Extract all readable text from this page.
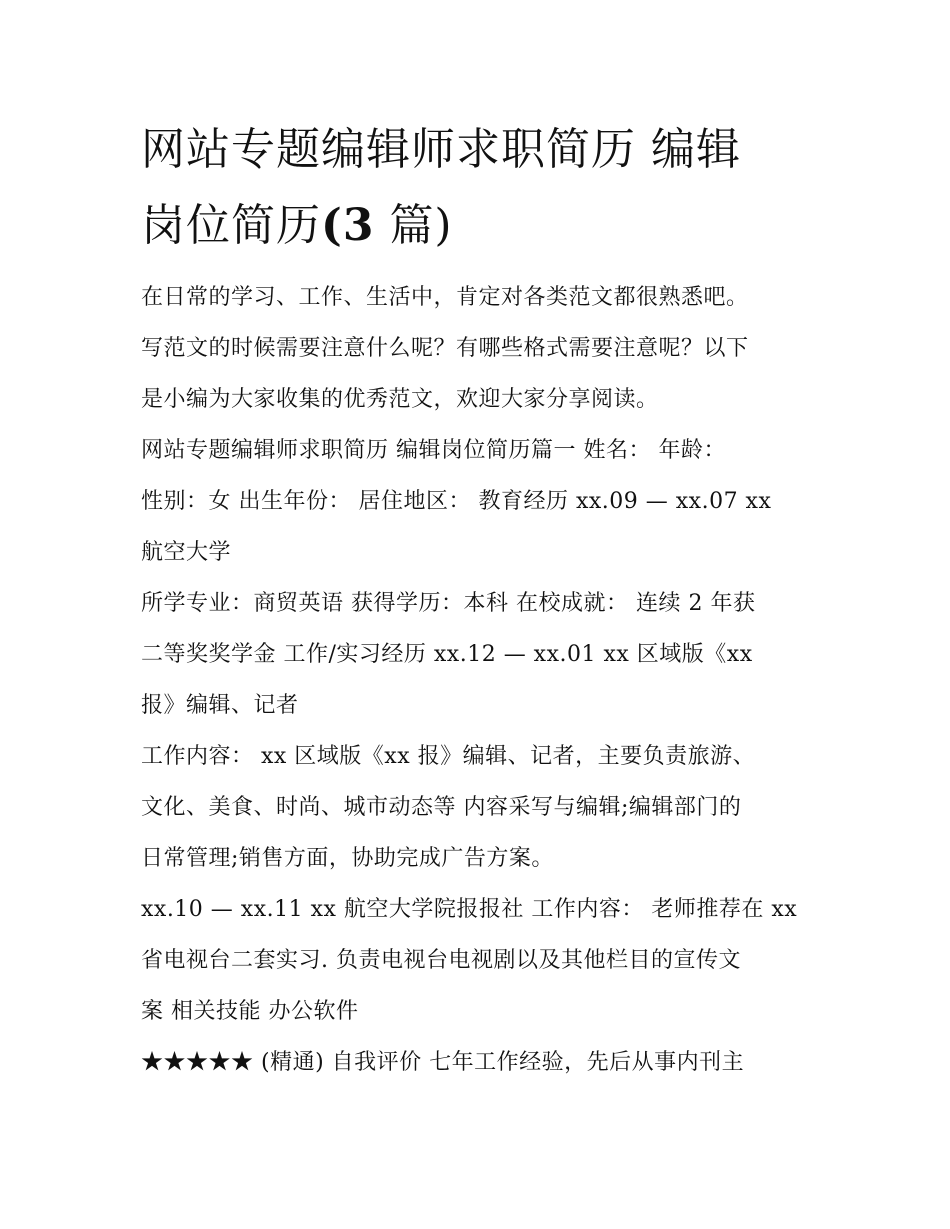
网站专题编辑师求职简历 编辑
岗位简历(3 篇)

在日常的学习、工作、生活中，肯定对各类范文都很熟悉吧。
写范文的时候需要注意什么呢？有哪些格式需要注意呢？以下
是小编为大家收集的优秀范文，欢迎大家分享阅读。

网站专题编辑师求职简历 编辑岗位简历篇一 姓名： 年龄：
性别：女 出生年份： 居住地区： 教育经历 xx.09 — xx.07 xx
航空大学

所学专业：商贸英语 获得学历：本科 在校成就： 连续 2 年获
二等奖奖学金 工作/实习经历 xx.12 — xx.01 xx 区域版《xx
报》编辑、记者

工作内容： xx 区域版《xx 报》编辑、记者，主要负责旅游、
文化、美食、时尚、城市动态等 内容采写与编辑;编辑部门的
日常管理;销售方面，协助完成广告方案。

xx.10 — xx.11 xx 航空大学院报报社 工作内容： 老师推荐在 xx
省电视台二套实习. 负责电视台电视剧以及其他栏目的宣传文
案 相关技能 办公软件

★★★★★ (精通) 自我评价 七年工作经验，先后从事内刊主
